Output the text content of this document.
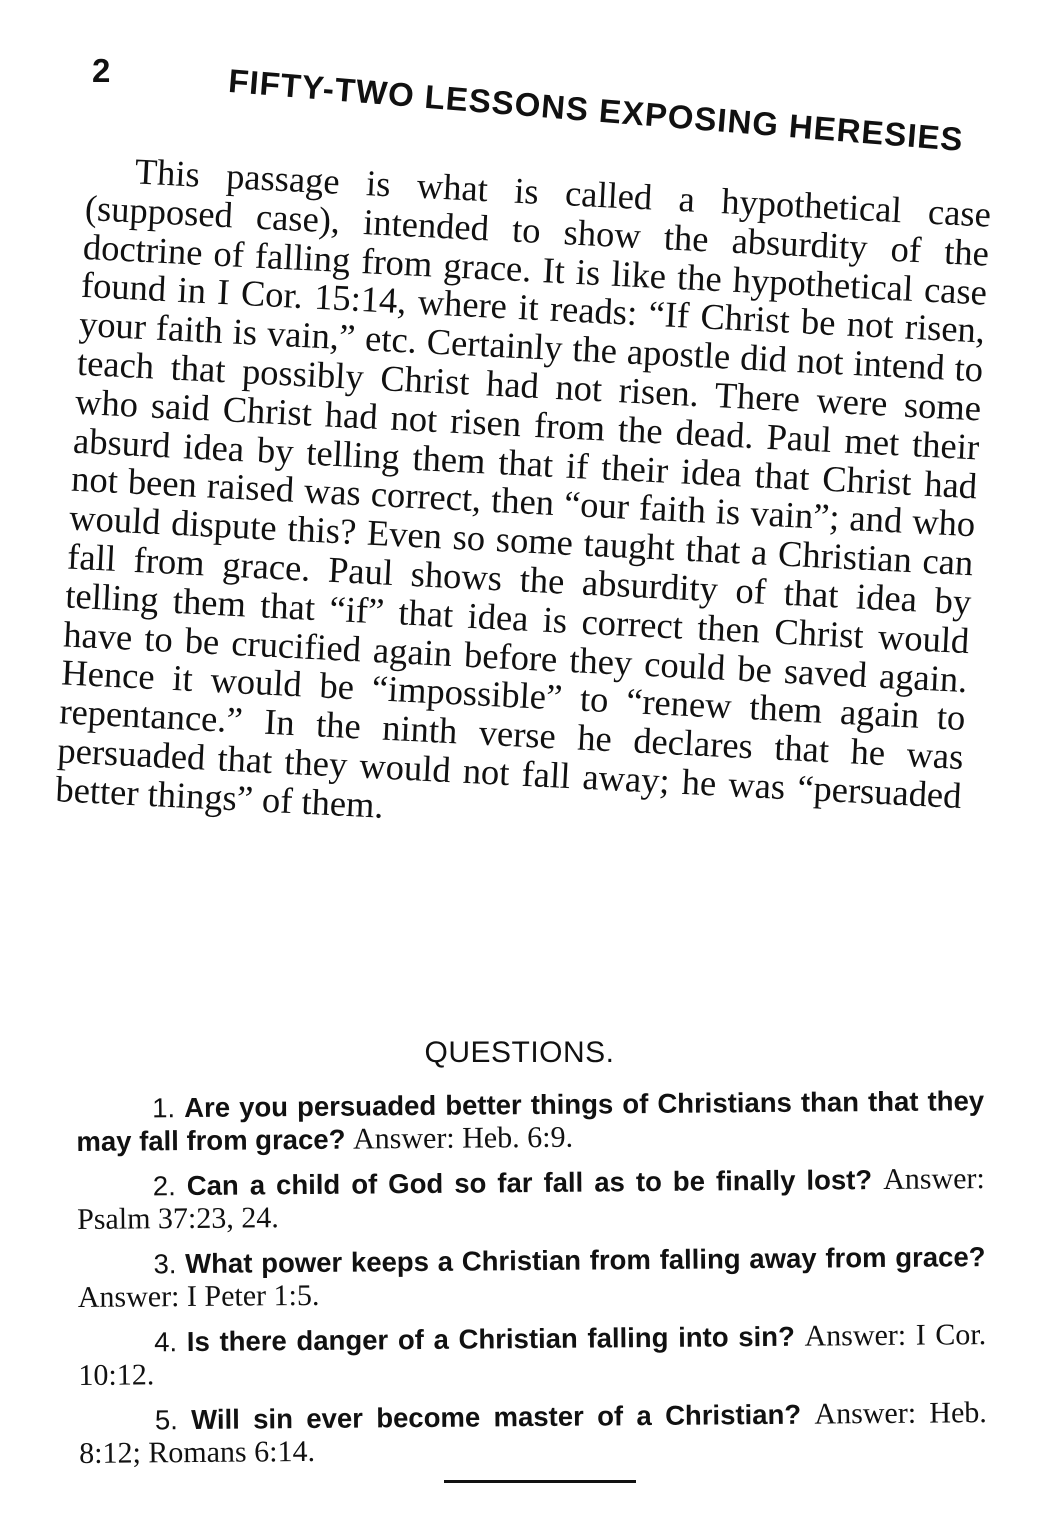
2	FIFTY-TWO LESSONS EXPOSING HERESIES

This passage is what is called a hypothetical case (supposed case), intended to show the absurdity of the doctrine of falling from grace. It is like the hypothetical case found in I Cor. 15:14, where it reads: “If Christ be not risen, your faith is vain,” etc. Certainly the apostle did not intend to teach that possibly Christ had not risen. There were some who said Christ had not risen from the dead. Paul met their absurd idea by telling them that if their idea that Christ had not been raised was correct, then “our faith is vain”; and who would dispute this? Even so some taught that a Christian can fall from grace. Paul shows the absurdity of that idea by telling them that “if” that idea is correct then Christ would have to be crucified again before they could be saved again. Hence it would be “impossible” to “renew them again to repentance.” In the ninth verse he declares that he was persuaded that they would not fall away; he was “persuaded better things” of them.

QUESTIONS.

1. Are you persuaded better things of Christians than that they may fall from grace? Answer: Heb. 6:9.

2. Can a child of God so far fall as to be finally lost? Answer: Psalm 37:23, 24.

3. What power keeps a Christian from falling away from grace? Answer: I Peter 1:5.

4. Is there danger of a Christian falling into sin? Answer: I Cor. 10:12.

5. Will sin ever become master of a Christian? Answer: Heb. 8:12; Romans 6:14.
